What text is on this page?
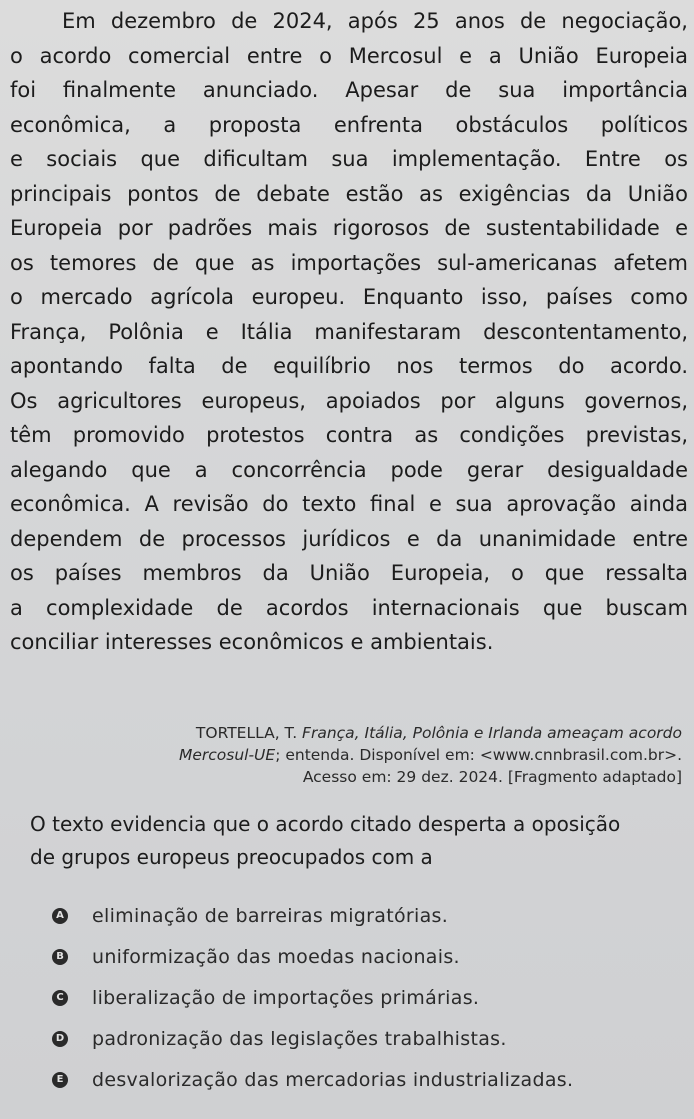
Em dezembro de 2024, após 25 anos de negociação,
o acordo comercial entre o Mercosul e a União Europeia
foi finalmente anunciado. Apesar de sua importância
econômica, a proposta enfrenta obstáculos políticos
e sociais que dificultam sua implementação. Entre os
principais pontos de debate estão as exigências da União
Europeia por padrões mais rigorosos de sustentabilidade e
os temores de que as importações sul-americanas afetem
o mercado agrícola europeu. Enquanto isso, países como
França, Polônia e Itália manifestaram descontentamento,
apontando falta de equilíbrio nos termos do acordo.
Os agricultores europeus, apoiados por alguns governos,
têm promovido protestos contra as condições previstas,
alegando que a concorrência pode gerar desigualdade
econômica. A revisão do texto final e sua aprovação ainda
dependem de processos jurídicos e da unanimidade entre
os países membros da União Europeia, o que ressalta
a complexidade de acordos internacionais que buscam
conciliar interesses econômicos e ambientais.
TORTELLA, T. França, Itália, Polônia e Irlanda ameaçam acordo
Mercosul-UE; entenda. Disponível em: <www.cnnbrasil.com.br>.
Acesso em: 29 dez. 2024. [Fragmento adaptado]
O texto evidencia que o acordo citado desperta a oposição
de grupos europeus preocupados com a
A eliminação de barreiras migratórias.
B uniformização das moedas nacionais.
C liberalização de importações primárias.
D padronização das legislações trabalhistas.
E desvalorização das mercadorias industrializadas.
